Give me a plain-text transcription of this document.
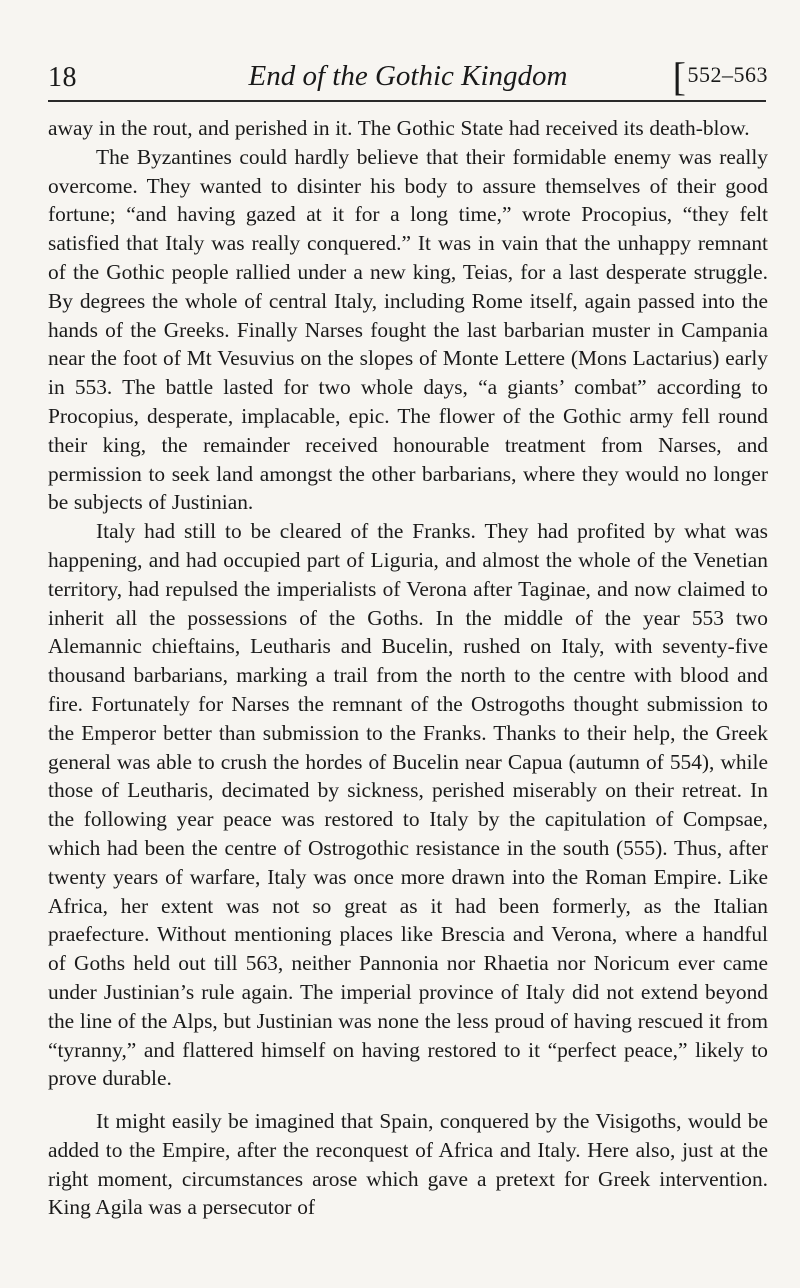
18	End of the Gothic Kingdom	[ 552–563

away in the rout, and perished in it. The Gothic State had received its death-blow.

The Byzantines could hardly believe that their formidable enemy was really overcome. They wanted to disinter his body to assure themselves of their good fortune; “and having gazed at it for a long time,” wrote Procopius, “they felt satisfied that Italy was really conquered.” It was in vain that the unhappy remnant of the Gothic people rallied under a new king, Teias, for a last desperate struggle. By degrees the whole of central Italy, including Rome itself, again passed into the hands of the Greeks. Finally Narses fought the last barbarian muster in Campania near the foot of Mt Vesuvius on the slopes of Monte Lettere (Mons Lactarius) early in 553. The battle lasted for two whole days, “a giants’ combat” according to Procopius, desperate, implacable, epic. The flower of the Gothic army fell round their king, the remainder received honourable treatment from Narses, and permission to seek land amongst the other barbarians, where they would no longer be subjects of Justinian.

Italy had still to be cleared of the Franks. They had profited by what was happening, and had occupied part of Liguria, and almost the whole of the Venetian territory, had repulsed the imperialists of Verona after Taginae, and now claimed to inherit all the possessions of the Goths. In the middle of the year 553 two Alemannic chieftains, Leutharis and Bucelin, rushed on Italy, with seventy-five thousand barbarians, marking a trail from the north to the centre with blood and fire. Fortunately for Narses the remnant of the Ostrogoths thought submission to the Emperor better than submission to the Franks. Thanks to their help, the Greek general was able to crush the hordes of Bucelin near Capua (autumn of 554), while those of Leutharis, decimated by sickness, perished miserably on their retreat. In the following year peace was restored to Italy by the capitulation of Compsae, which had been the centre of Ostrogothic resistance in the south (555). Thus, after twenty years of warfare, Italy was once more drawn into the Roman Empire. Like Africa, her extent was not so great as it had been formerly, as the Italian praefecture. Without mentioning places like Brescia and Verona, where a handful of Goths held out till 563, neither Pannonia nor Rhaetia nor Noricum ever came under Justinian’s rule again. The imperial province of Italy did not extend beyond the line of the Alps, but Justinian was none the less proud of having rescued it from “tyranny,” and flattered himself on having restored to it “perfect peace,” likely to prove durable.

It might easily be imagined that Spain, conquered by the Visigoths, would be added to the Empire, after the reconquest of Africa and Italy. Here also, just at the right moment, circumstances arose which gave a pretext for Greek intervention. King Agila was a persecutor of
